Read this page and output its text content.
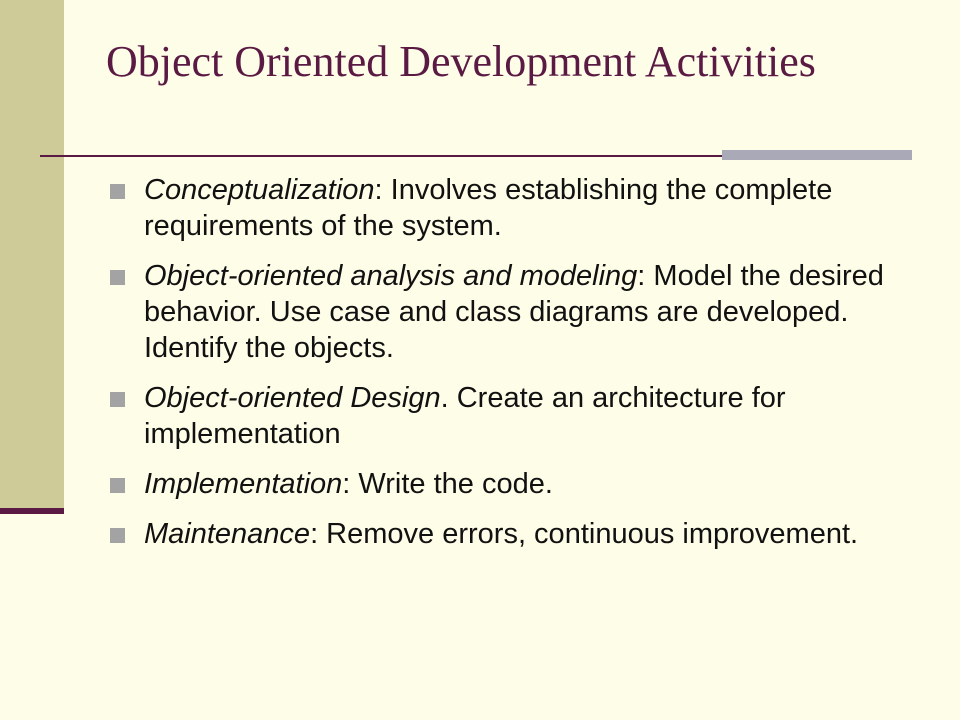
Object Oriented Development Activities
Conceptualization: Involves establishing the complete requirements of the system.
Object-oriented analysis and modeling: Model the desired behavior. Use case and class diagrams are developed. Identify the objects.
Object-oriented Design. Create an architecture for implementation
Implementation: Write the code.
Maintenance: Remove errors, continuous improvement.
